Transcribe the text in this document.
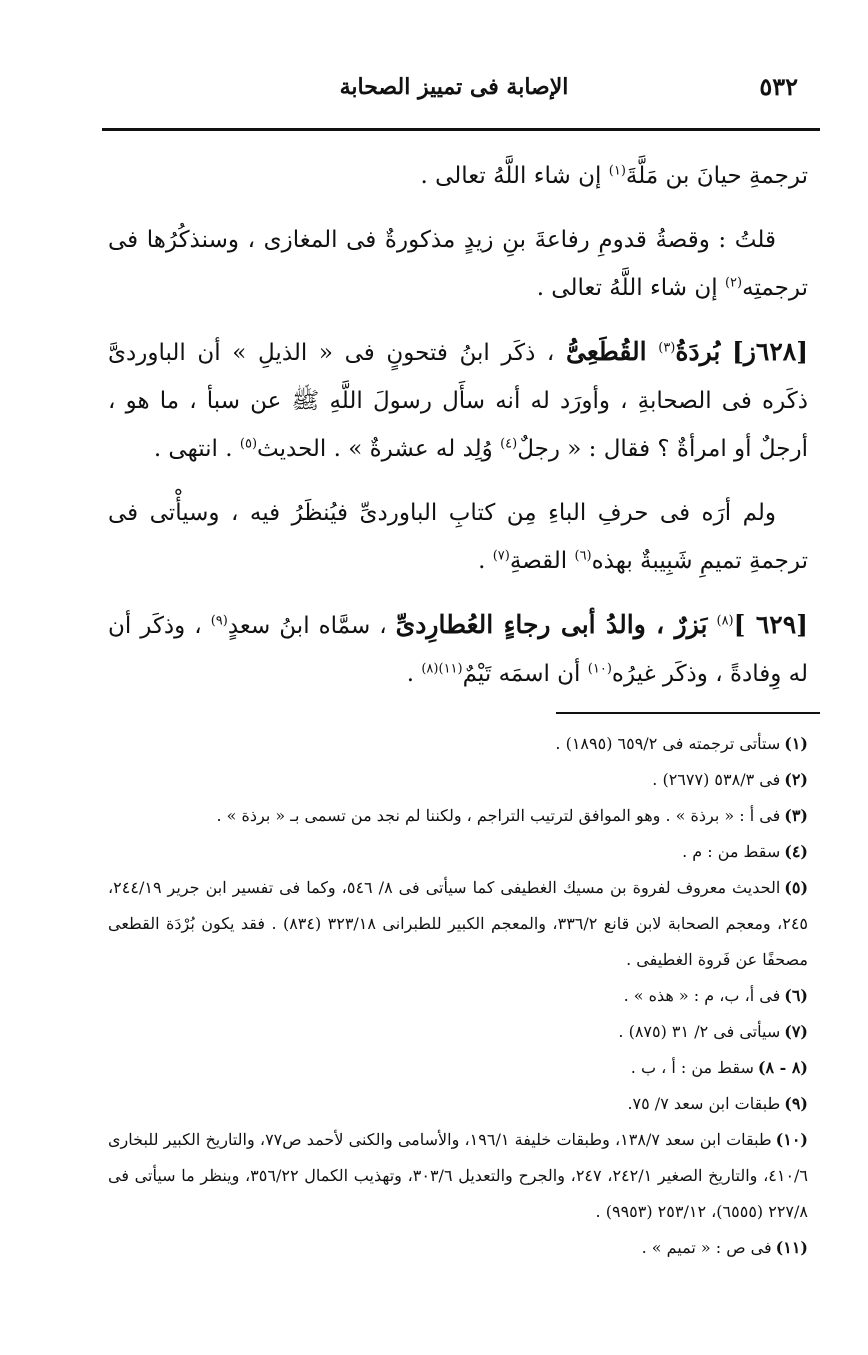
٥٣٢
الإصابة فى تمييز الصحابة

ترجمةِ حيانَ بن مَلَّةَ$^{(١)}$ إن شاء اللَّهُ تعالى .

قلتُ : وقصةُ قدومِ رفاعةَ بنِ زيدٍ مذكورةٌ فى المغازى ، وسنذكُرُها فى ترجمتِه$^{(٢)}$ إن شاء اللَّهُ تعالى .

[٦٢٨ز] بُردَةُ$^{(٣)}$ القُطَعِىُّ ، ذكَر ابنُ فتحونٍ فى « الذيلِ » أن الباوردىَّ ذكَره فى الصحابةِ ، وأورَد له أنه سأَل رسولَ اللَّهِ ﷺ عن سبأ ، ما هو ، أرجلٌ أو امرأةٌ ؟ فقال : « رجلٌ$^{(٤)}$ وُلِد له عشرةٌ » . الحديث$^{(٥)}$ . انتهى .

ولم أرَه فى حرفِ الباءِ مِن كتابِ الباوردىِّ فيُنظَرُ فيه ، وسيأْتى فى ترجمةِ تميمِ شَبِيبةٌ بهذه$^{(٦)}$ القصةِ$^{(٧)}$ .

[٦٢٩ ]$^{(٨)}$ بَزرٌ ، والدُ أبى رجاءٍ العُطارِدىِّ ، سمَّاه ابنُ سعدٍ$^{(٩)}$ ، وذكَر أن له وِفادةً ، وذكَر غيرُه$^{(١٠)}$ أن اسمَه تَيْمٌ$^{(١١)(٨)}$ .

(١)ستأتى ترجمته فى ٦٥٩/٢ (١٨٩٥) .

(٢)فى ٥٣٨/٣ (٢٦٧٧) .

(٣)فى أ : « برذة » . وهو الموافق لترتيب التراجم ، ولكننا لم نجد من تسمى بـ « برذة » .

(٤)سقط من : م .

(٥)الحديث معروف لفروة بن مسيك الغطيفى كما سيأتى فى ٨/ ٥٤٦، وكما فى تفسير ابن جرير ٢٤٤/١٩، ٢٤٥، ومعجم الصحابة لابن قانع ٣٣٦/٢، والمعجم الكبير للطبرانى ٣٢٣/١٨ (٨٣٤) . فقد يكون بُرْدَة القطعى مصحفًا عن فَروة الغطيفى .

(٦)فى أ، ب، م : « هذه » .

(٧)سيأتى فى ٢/ ٣١ (٨٧٥) .

(٨ - ٨)سقط من : أ ، ب .

(٩)طبقات ابن سعد ٧/ ٧٥.

(١٠)طبقات ابن سعد ١٣٨/٧، وطبقات خليفة ١٩٦/١، والأسامى والكنى لأحمد ص٧٧، والتاريخ الكبير للبخارى ٤١٠/٦، والتاريخ الصغير ٢٤٢/١، ٢٤٧، والجرح والتعديل ٣٠٣/٦، وتهذيب الكمال ٣٥٦/٢٢، وينظر ما سيأتى فى ٢٢٧/٨ (٦٥٥٥)، ٢٥٣/١٢ (٩٩٥٣) .

(١١)فى ص : « تميم » .
